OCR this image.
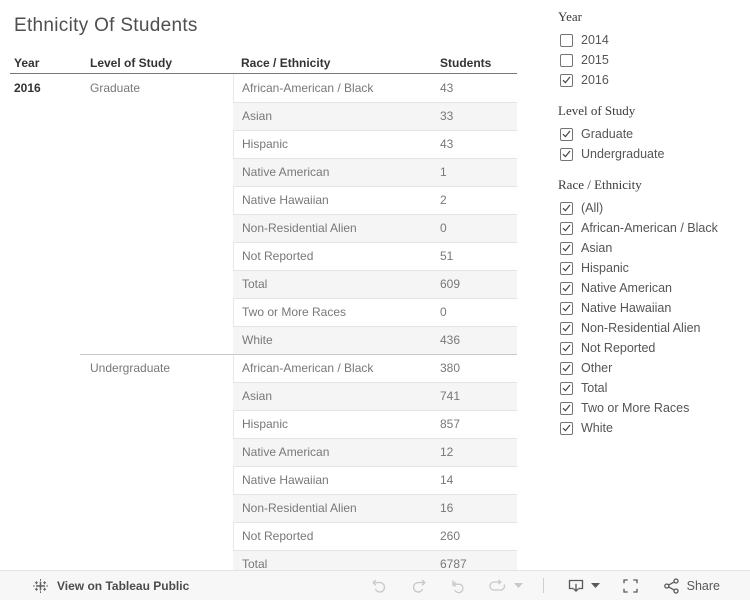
Ethnicity Of Students
Year	Level of Study	Race / Ethnicity	Students
2016	Graduate	African-American / Black	43
Asian	33
Hispanic	43
Native American	1
Native Hawaiian	2
Non-Residential Alien	0
Not Reported	51
Total	609
Two or More Races	0
White	436
Undergraduate	African-American / Black	380
Asian	741
Hispanic	857
Native American	12
Native Hawaiian	14
Non-Residential Alien	16
Not Reported	260
Total	6787
Year
2014
2015
2016
Level of Study
Graduate
Undergraduate
Race / Ethnicity
(All)
African-American / Black
Asian
Hispanic
Native American
Native Hawaiian
Non-Residential Alien
Not Reported
Other
Total
Two or More Races
White
View on Tableau Public	Share
